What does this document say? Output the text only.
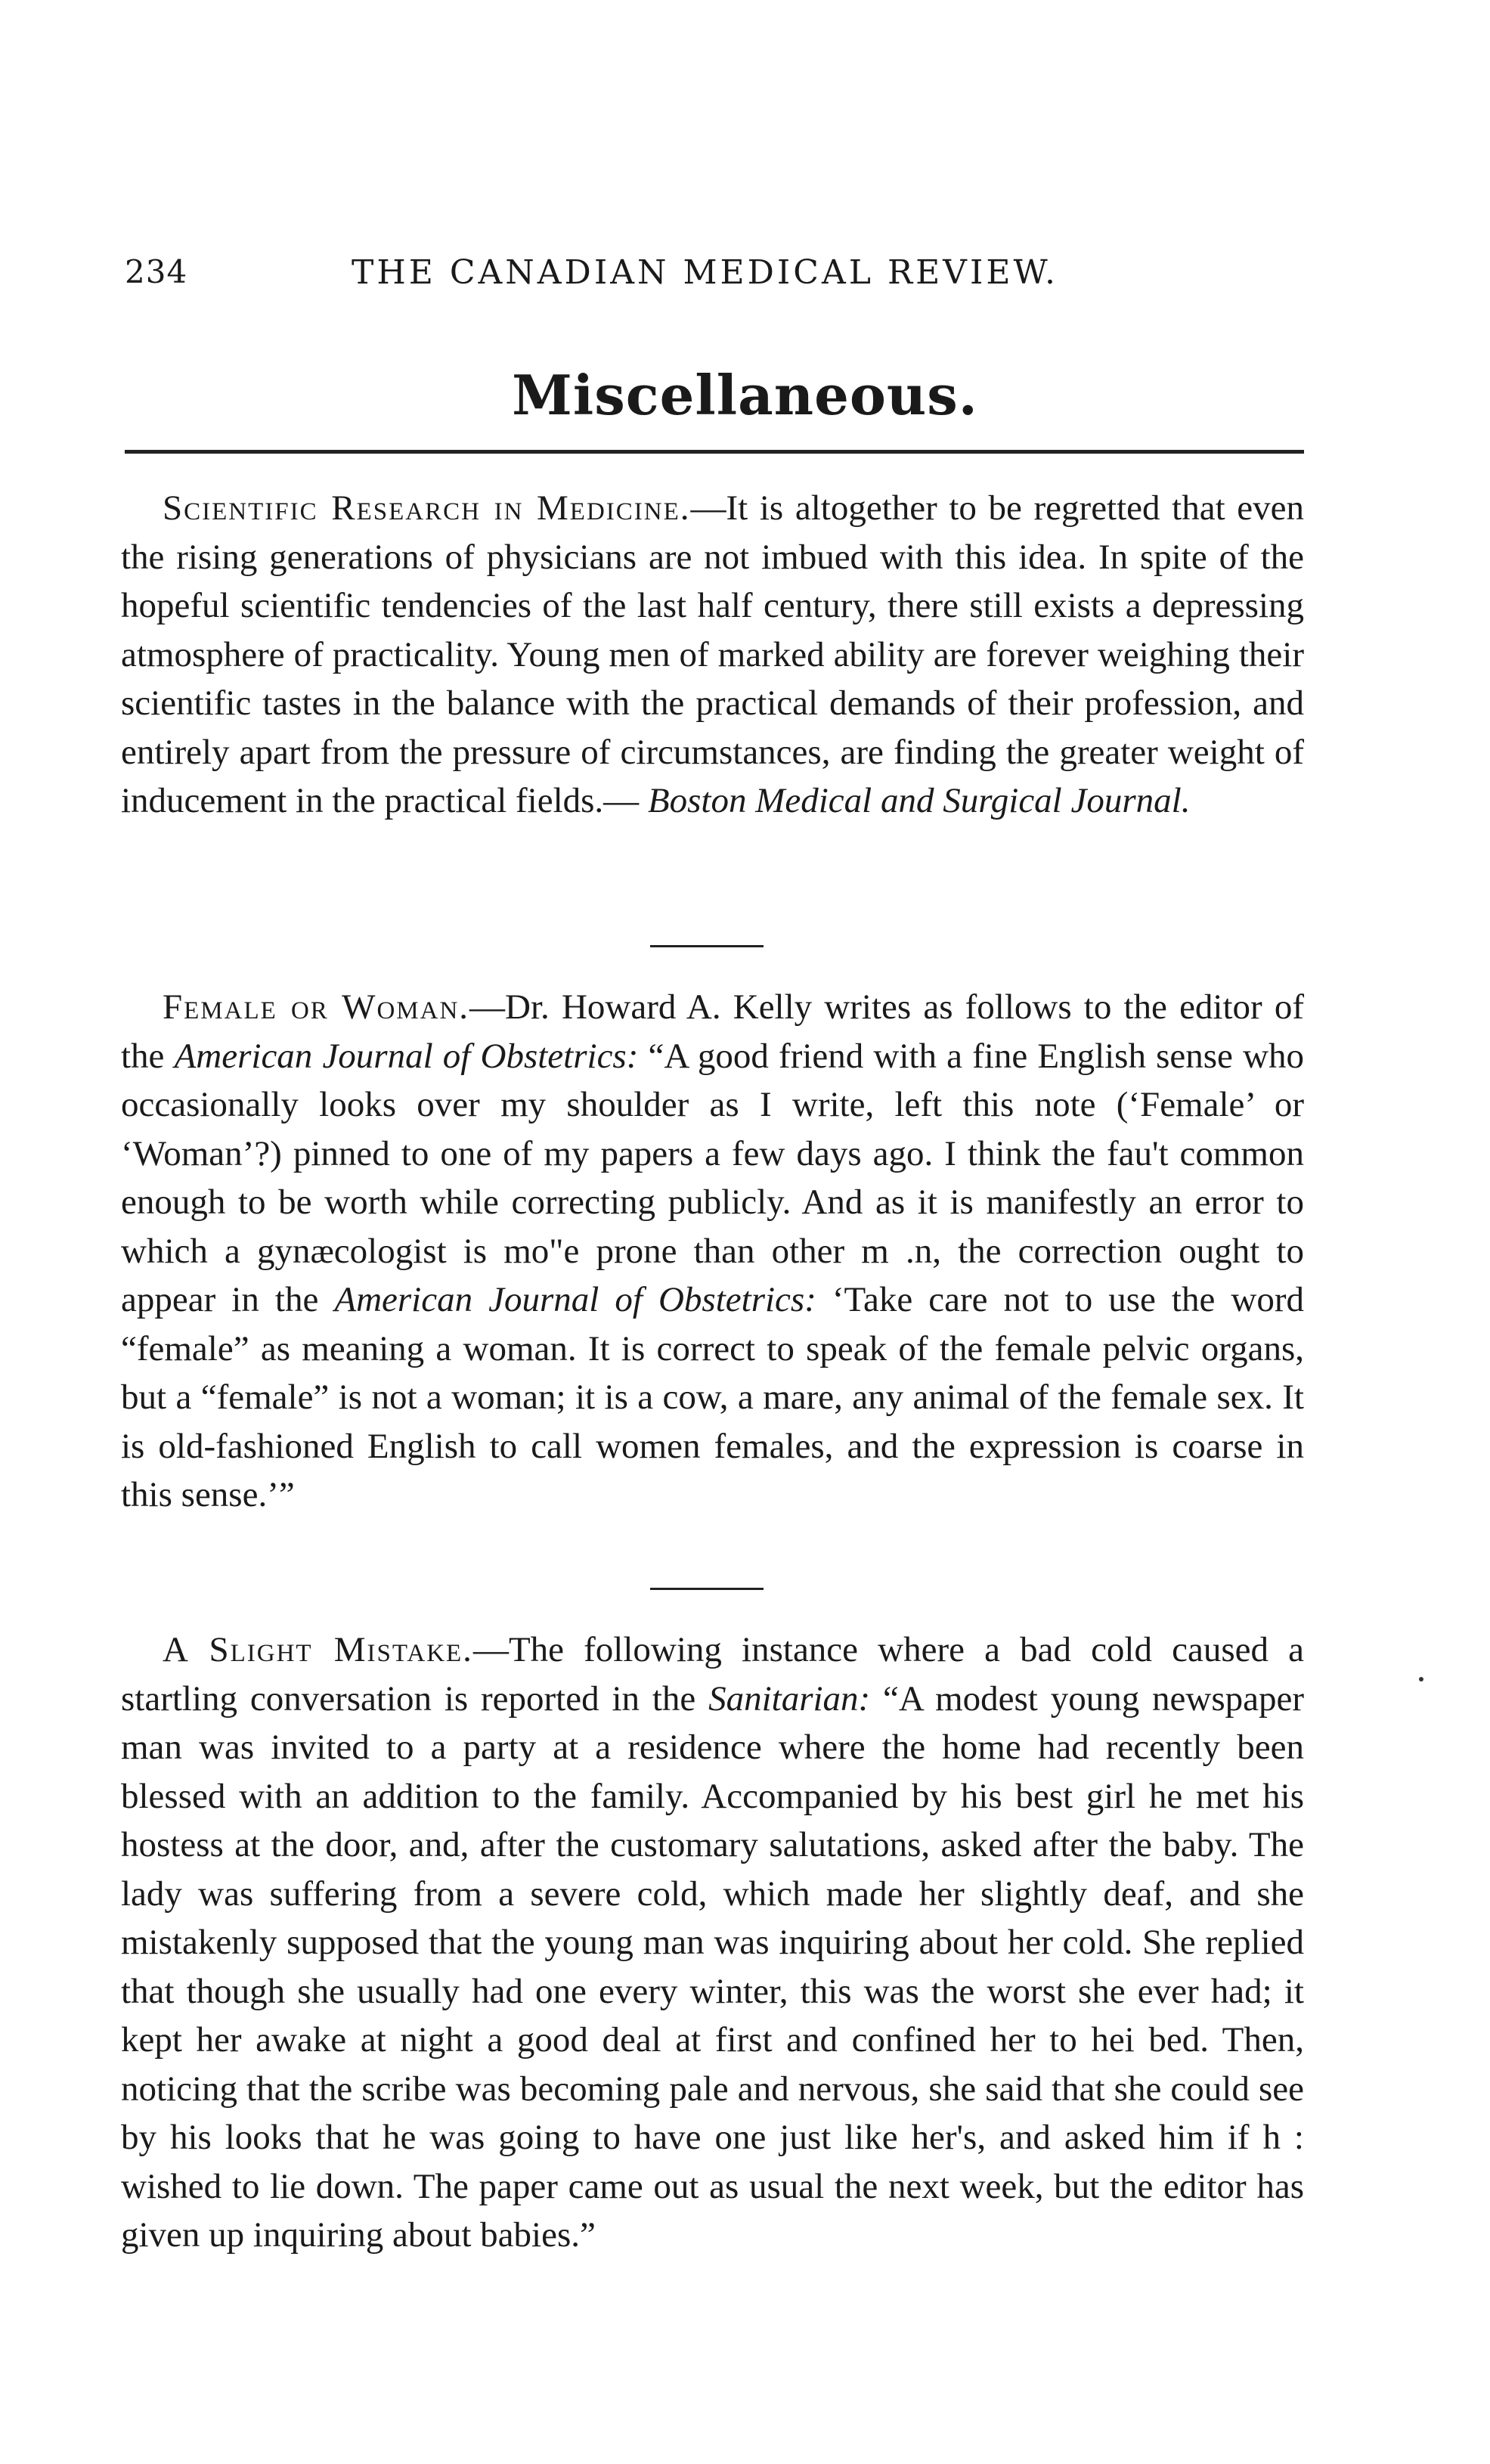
234	THE CANADIAN MEDICAL REVIEW.
Miscellaneous.

Scientific Research in Medicine.—It is altogether to be regretted that even the rising generations of physicians are not imbued with this idea. In spite of the hopeful scientific tendencies of the last half century, there still exists a depressing atmosphere of practicality. Young men of marked ability are forever weighing their scientific tastes in the balance with the practical demands of their profession, and entirely apart from the pressure of circumstances, are finding the greater weight of inducement in the practical fields.— Boston Medical and Surgical Journal.

Female or Woman.—Dr. Howard A. Kelly writes as follows to the editor of the American Journal of Obstetrics: “A good friend with a fine English sense who occasionally looks over my shoulder as I write, left this note (‘Female’ or ‘Woman’?) pinned to one of my papers a few days ago. I think the fau't common enough to be worth while correcting publicly. And as it is manifestly an error to which a gynæcologist is mo"e prone than other m .n, the correction ought to appear in the American Journal of Obstetrics: ‘Take care not to use the word “female” as meaning a woman. It is correct to speak of the female pelvic organs, but a “female” is not a woman; it is a cow, a mare, any animal of the female sex. It is old-fashioned English to call women females, and the expression is coarse in this sense.’”

A Slight Mistake.—The following instance where a bad cold caused a startling conversation is reported in the Sanitarian: “A modest young newspaper man was invited to a party at a residence where the home had recently been blessed with an addition to the family. Accompanied by his best girl he met his hostess at the door, and, after the customary salutations, asked after the baby. The lady was suffering from a severe cold, which made her slightly deaf, and she mistakenly supposed that the young man was inquiring about her cold. She replied that though she usually had one every winter, this was the worst she ever had; it kept her awake at night a good deal at first and confined her to hei bed. Then, noticing that the scribe was becoming pale and nervous, she said that she could see by his looks that he was going to have one just like her's, and asked him if h : wished to lie down. The paper came out as usual the next week, but the editor has given up inquiring about babies.”
